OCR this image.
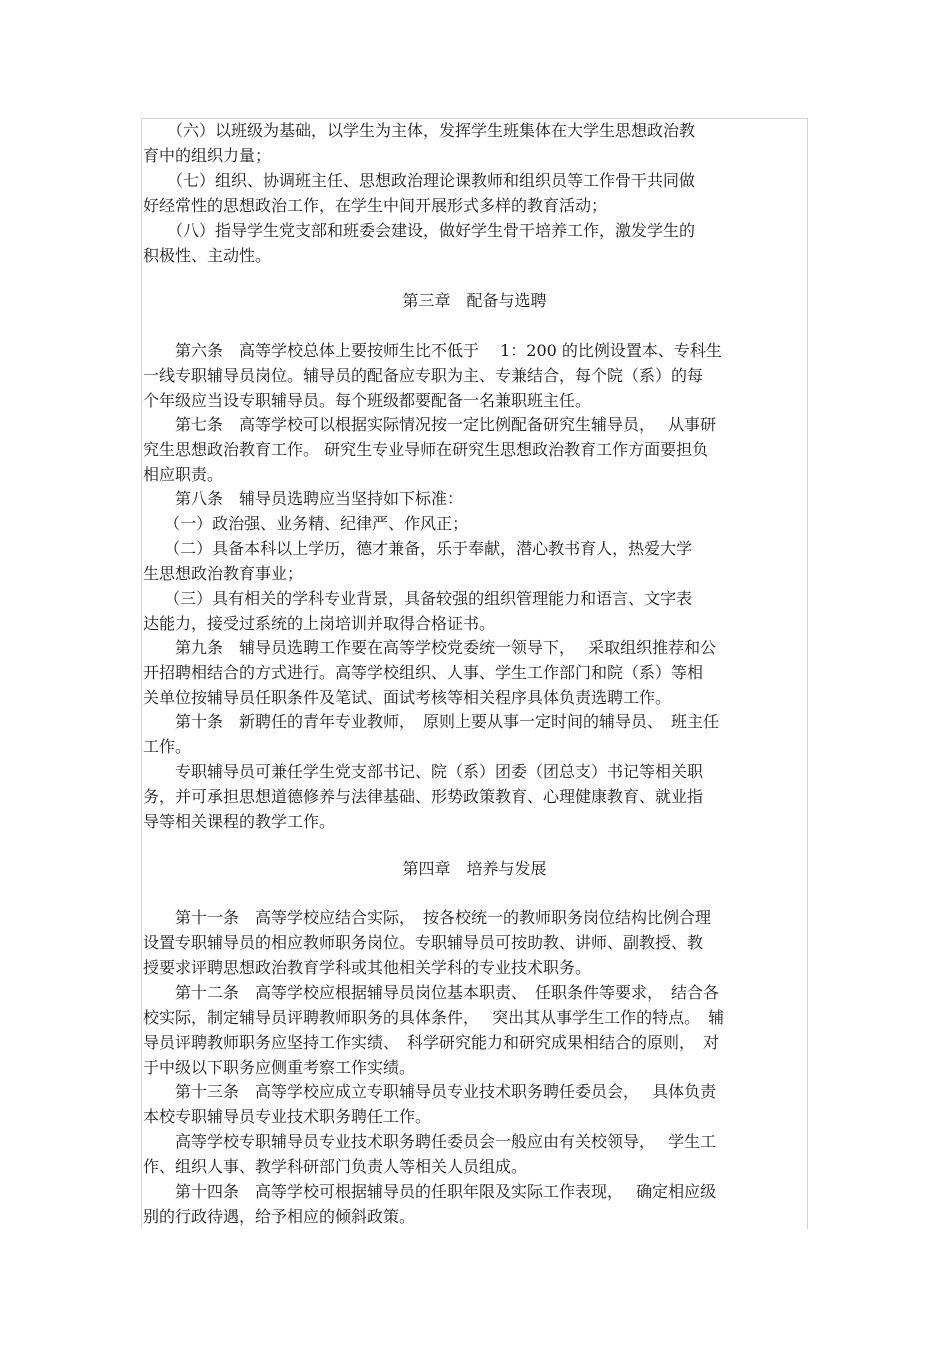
　　（六）以班级为基础，以学生为主体，发挥学生班集体在大学生思想政治教
育中的组织力量；
　　（七）组织、协调班主任、思想政治理论课教师和组织员等工作骨干共同做
好经常性的思想政治工作，在学生中间开展形式多样的教育活动；
　　（八）指导学生党支部和班委会建设，做好学生骨干培养工作，激发学生的
积极性、主动性。
第三章　配备与选聘
　　第六条　高等学校总体上要按师生比不低于　 1：200 的比例设置本、专科生
一线专职辅导员岗位。辅导员的配备应专职为主、专兼结合，每个院（系）的每
个年级应当设专职辅导员。每个班级都要配备一名兼职班主任。
　　第七条　高等学校可以根据实际情况按一定比例配备研究生辅导员，　 从事研
究生思想政治教育工作。 研究生专业导师在研究生思想政治教育工作方面要担负
相应职责。
　　第八条　辅导员选聘应当坚持如下标准：
　 （一）政治强、业务精、纪律严、作风正；
　 （二）具备本科以上学历，德才兼备，乐于奉献，潜心教书育人，热爱大学
生思想政治教育事业；
　 （三）具有相关的学科专业背景，具备较强的组织管理能力和语言、文字表
达能力，接受过系统的上岗培训并取得合格证书。
　　第九条　辅导员选聘工作要在高等学校党委统一领导下，　 采取组织推荐和公
开招聘相结合的方式进行。高等学校组织、人事、学生工作部门和院（系）等相
关单位按辅导员任职条件及笔试、面试考核等相关程序具体负责选聘工作。
　　第十条　新聘任的青年专业教师，　原则上要从事一定时间的辅导员、　班主任
工作。
　　专职辅导员可兼任学生党支部书记、院（系）团委（团总支）书记等相关职
务，并可承担思想道德修养与法律基础、形势政策教育、心理健康教育、就业指
导等相关课程的教学工作。
第四章　培养与发展
　　第十一条　高等学校应结合实际，　按各校统一的教师职务岗位结构比例合理
设置专职辅导员的相应教师职务岗位。专职辅导员可按助教、讲师、副教授、教
授要求评聘思想政治教育学科或其他相关学科的专业技术职务。
　　第十二条　高等学校应根据辅导员岗位基本职责、　任职条件等要求，　结合各
校实际，制定辅导员评聘教师职务的具体条件，　 突出其从事学生工作的特点。　辅
导员评聘教师职务应坚持工作实绩、　科学研究能力和研究成果相结合的原则，　对
于中级以下职务应侧重考察工作实绩。
　　第十三条　高等学校应成立专职辅导员专业技术职务聘任委员会，　 具体负责
本校专职辅导员专业技术职务聘任工作。
　　高等学校专职辅导员专业技术职务聘任委员会一般应由有关校领导，　 学生工
作、组织人事、教学科研部门负责人等相关人员组成。
　　第十四条　高等学校可根据辅导员的任职年限及实际工作表现，　 确定相应级
别的行政待遇，给予相应的倾斜政策。
